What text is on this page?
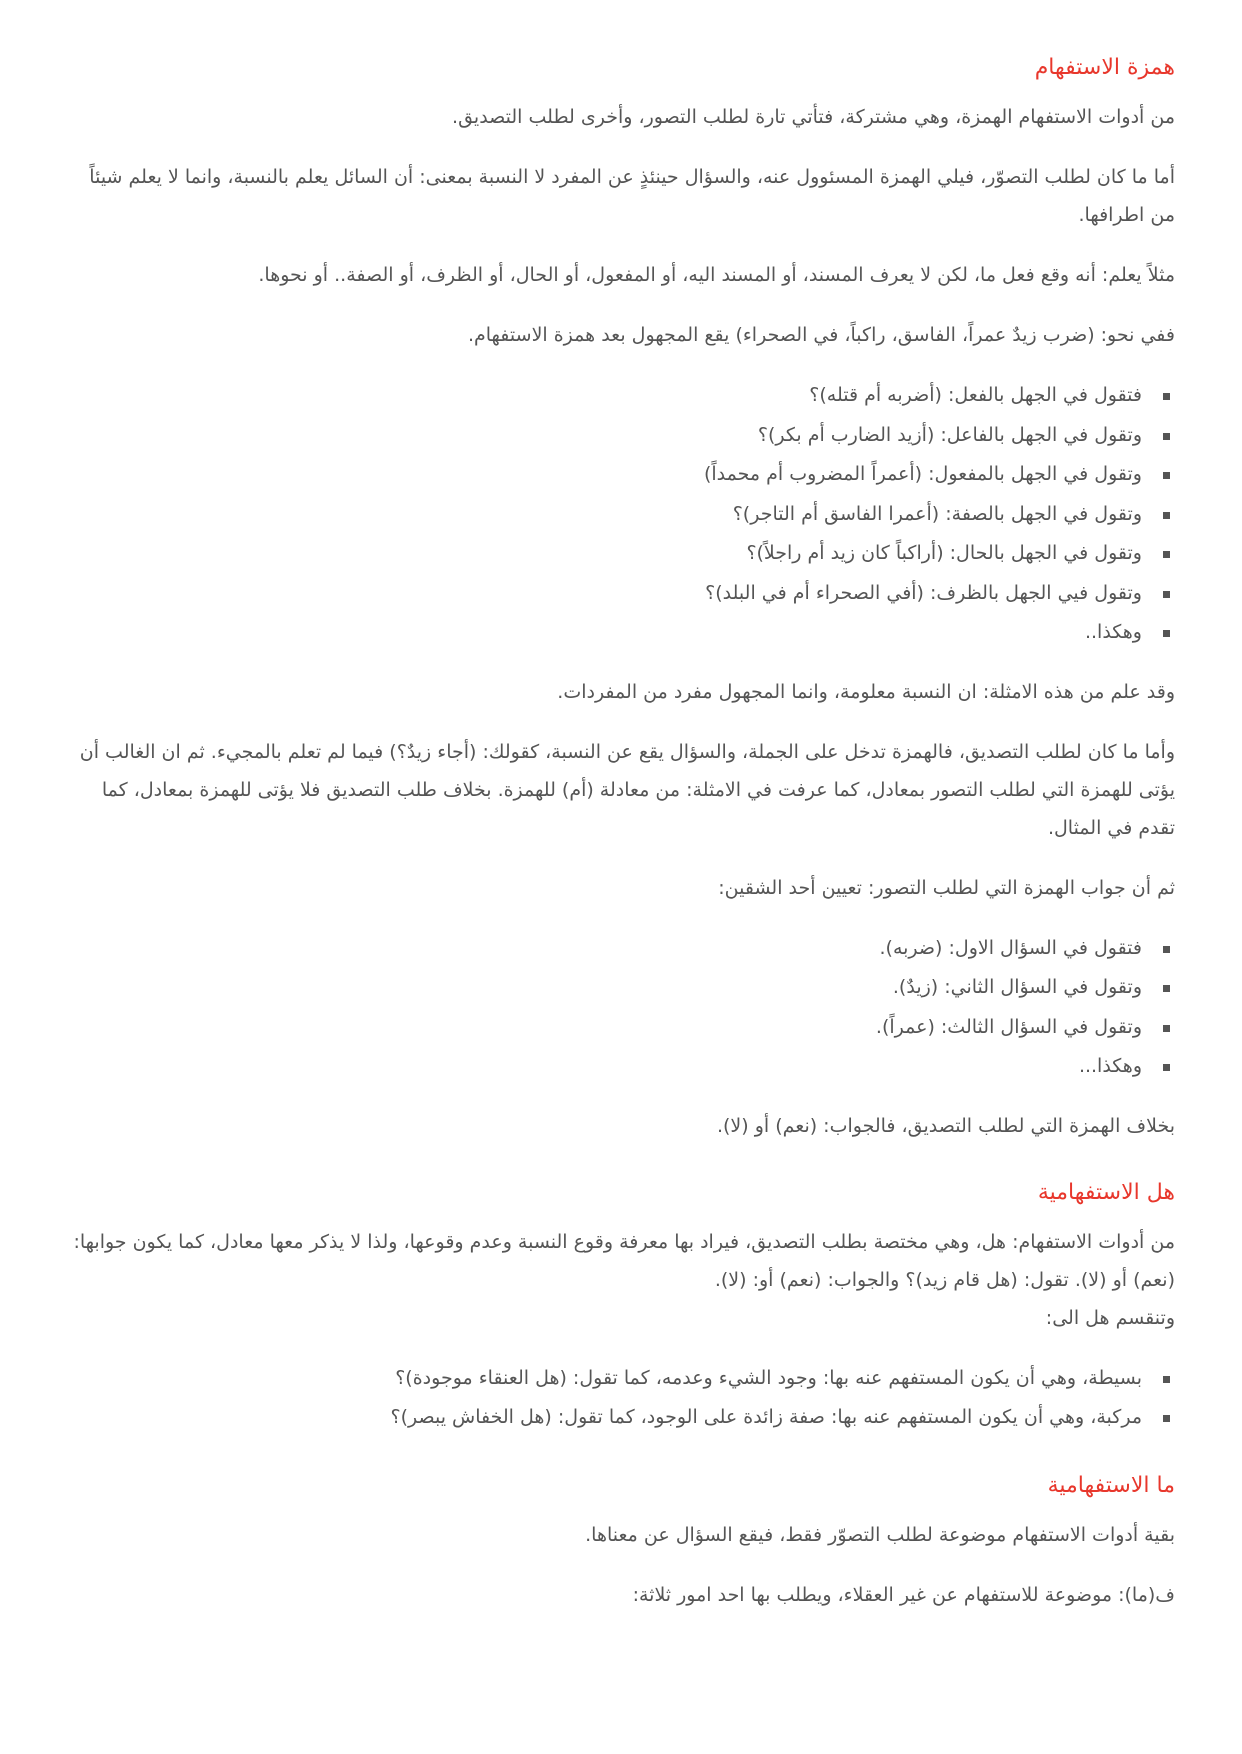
همزة الاستفهام

من أدوات الاستفهام الهمزة، وهي مشتركة، فتأتي تارة لطلب التصور، وأخرى لطلب التصديق.

أما ما كان لطلب التصوّر، فيلي الهمزة المسئوول عنه، والسؤال حينئذٍ عن المفرد لا النسبة بمعنى: أن السائل يعلم بالنسبة، وانما لا يعلم شيئاً من اطرافها.

مثلاً يعلم: أنه وقع فعل ما، لكن لا يعرف المسند، أو المسند اليه، أو المفعول، أو الحال، أو الظرف، أو الصفة.. أو نحوها.

ففي نحو: (ضرب زيدٌ عمراً، الفاسق، راكباً، في الصحراء) يقع المجهول بعد همزة الاستفهام.

فتقول في الجهل بالفعل: (أضربه أم قتله)؟
وتقول في الجهل بالفاعل: (أزيد الضارب أم بكر)؟
وتقول في الجهل بالمفعول: (أعمراً المضروب أم محمداً)
وتقول في الجهل بالصفة: (أعمرا الفاسق أم التاجر)؟
وتقول في الجهل بالحال: (أراكباً كان زيد أم راجلاً)؟
وتقول فيي الجهل بالظرف: (أفي الصحراء أم في البلد)؟
وهكذا..

وقد علم من هذه الامثلة: ان النسبة معلومة، وانما المجهول مفرد من المفردات.

وأما ما كان لطلب التصديق، فالهمزة تدخل على الجملة، والسؤال يقع عن النسبة، كقولك: (أجاء زيدٌ؟) فيما لم تعلم بالمجيء. ثم ان الغالب أن يؤتى للهمزة التي لطلب التصور بمعادل، كما عرفت في الامثلة: من معادلة (أم) للهمزة. بخلاف طلب التصديق فلا يؤتى للهمزة بمعادل، كما تقدم في المثال.

ثم أن جواب الهمزة التي لطلب التصور: تعيين أحد الشقين:

فتقول في السؤال الاول: (ضربه).
وتقول في السؤال الثاني: (زيدٌ).
وتقول في السؤال الثالث: (عمراً).
وهكذا...

بخلاف الهمزة التي لطلب التصديق، فالجواب: (نعم) أو (لا).

هل الاستفهامية

من أدوات الاستفهام: هل، وهي مختصة بطلب التصديق، فيراد بها معرفة وقوع النسبة وعدم وقوعها، ولذا لا يذكر معها معادل، كما يكون جوابها: (نعم) أو (لا). تقول: (هل قام زيد)؟ والجواب: (نعم) أو: (لا).

وتنقسم هل الى:

بسيطة، وهي أن يكون المستفهم عنه بها: وجود الشيء وعدمه، كما تقول: (هل العنقاء موجودة)؟
مركبة، وهي أن يكون المستفهم عنه بها: صفة زائدة على الوجود، كما تقول: (هل الخفاش يبصر)؟
ما الاستفهامية

بقية أدوات الاستفهام موضوعة لطلب التصوّر فقط، فيقع السؤال عن معناها.

ف(ما): موضوعة للاستفهام عن غير العقلاء، ويطلب بها احد امور ثلاثة:
